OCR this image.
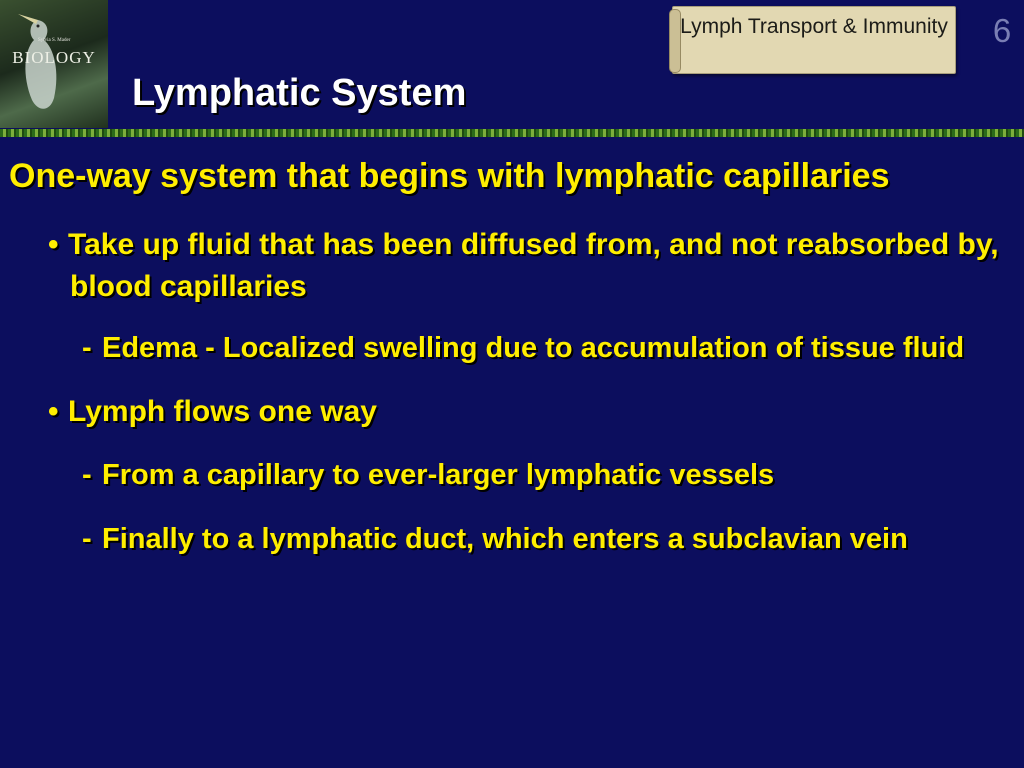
Sylvia S. Mader
BIOLOGY
Lymphatic System
Lymph Transport & Immunity 6

One-way system that begins with lymphatic capillaries

• Take up fluid that has been diffused from, and not reabsorbed by, blood capillaries

- Edema - Localized swelling due to accumulation of tissue fluid

• Lymph flows one way

- From a capillary to ever-larger lymphatic vessels

- Finally to a lymphatic duct, which enters a subclavian vein
